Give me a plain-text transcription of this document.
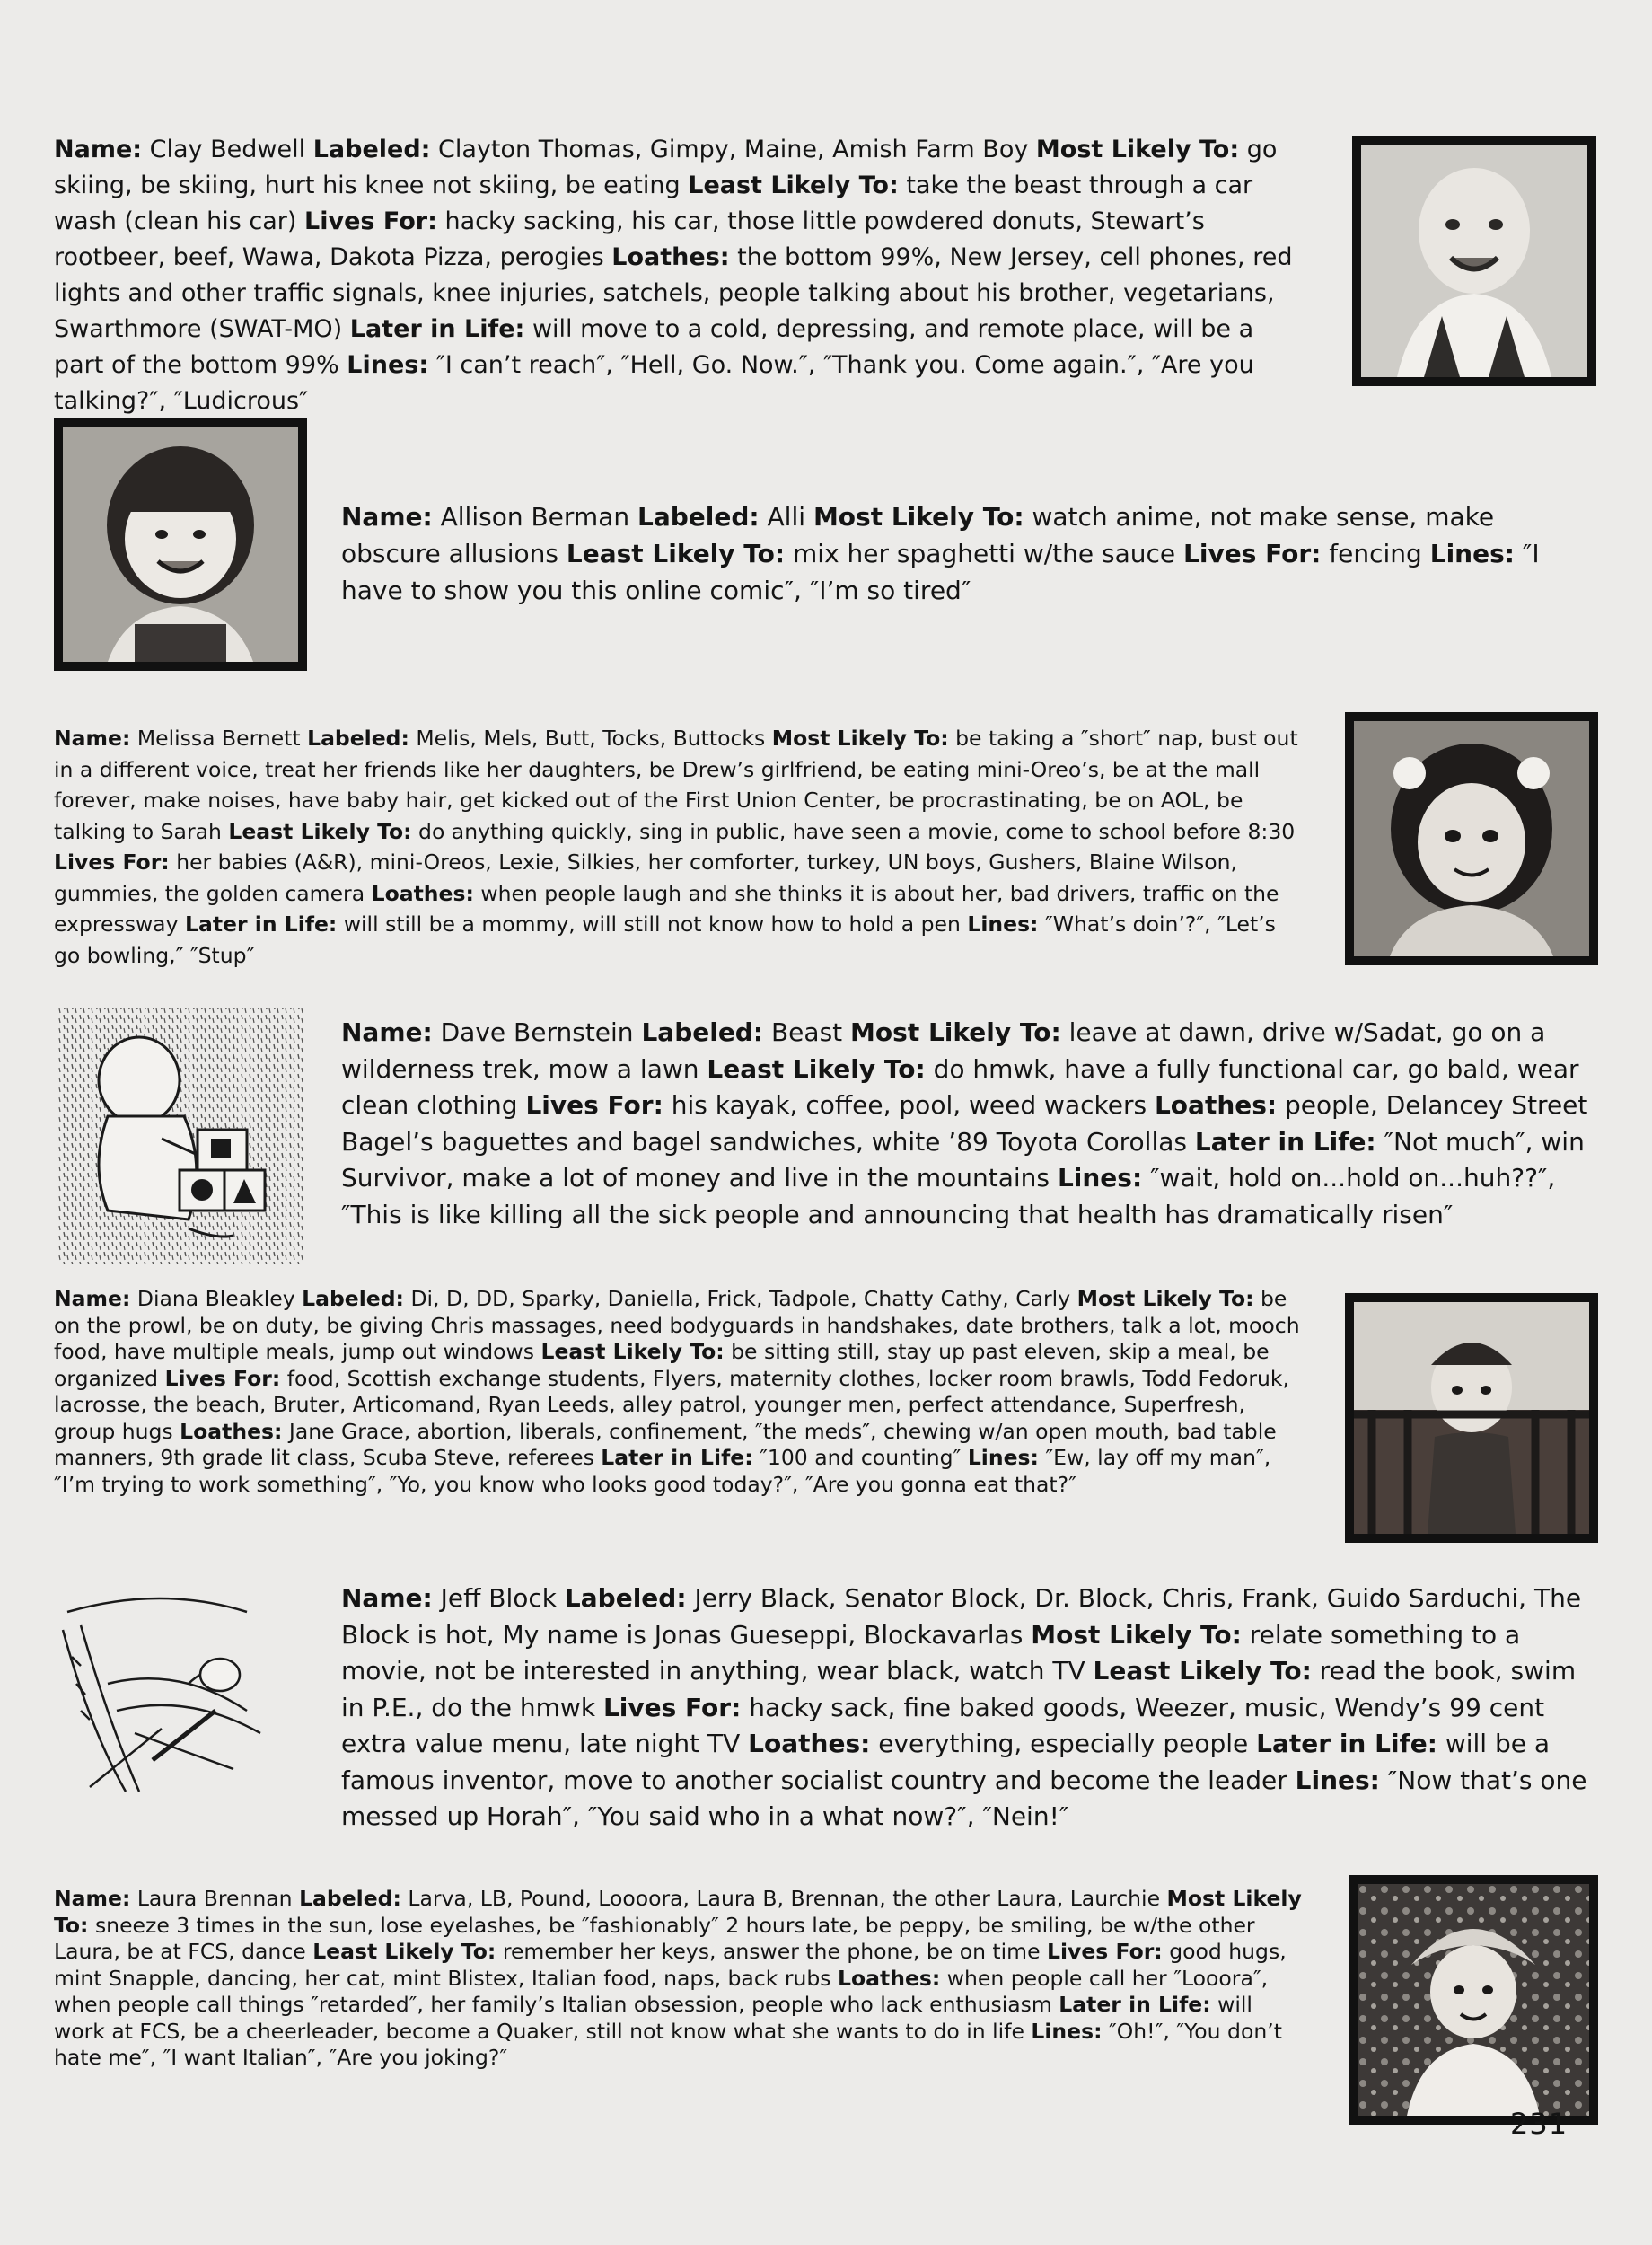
Name: Clay Bedwell Labeled: Clayton Thomas, Gimpy, Maine, Amish Farm Boy Most Likely To: go skiing, be skiing, hurt his knee not skiing, be eating Least Likely To: take the beast through a car wash (clean his car) Lives For: hacky sacking, his car, those little powdered donuts, Stewart’s rootbeer, beef, Wawa, Dakota Pizza, perogies Loathes: the bottom 99%, New Jersey, cell phones, red lights and other traffic signals, knee injuries, satchels, people talking about his brother, vegetarians, Swarthmore (SWAT-MO) Later in Life: will move to a cold, depressing, and remote place, will be a part of the bottom 99% Lines: ″I can’t reach″, ″Hell, Go. Now.″, ″Thank you. Come again.″, ″Are you talking?″, ″Ludicrous″

Name: Allison Berman Labeled: Alli Most Likely To: watch anime, not make sense, make obscure allusions Least Likely To: mix her spaghetti w/the sauce Lives For: fencing Lines: ″I have to show you this online comic″, ″I’m so tired″

Name: Melissa Bernett Labeled: Melis, Mels, Butt, Tocks, Buttocks Most Likely To: be taking a ″short″ nap, bust out in a different voice, treat her friends like her daughters, be Drew’s girlfriend, be eating mini-Oreo’s, be at the mall forever, make noises, have baby hair, get kicked out of the First Union Center, be procrastinating, be on AOL, be talking to Sarah Least Likely To: do anything quickly, sing in public, have seen a movie, come to school before 8:30 Lives For: her babies (A&R), mini-Oreos, Lexie, Silkies, her comforter, turkey, UN boys, Gushers, Blaine Wilson, gummies, the golden camera Loathes: when people laugh and she thinks it is about her, bad drivers, traffic on the expressway Later in Life: will still be a mommy, will still not know how to hold a pen Lines: ″What’s doin’?″, ″Let’s go bowling,″ ″Stup″

Name: Dave Bernstein Labeled: Beast Most Likely To: leave at dawn, drive w/Sadat, go on a wilderness trek, mow a lawn Least Likely To: do hmwk, have a fully functional car, go bald, wear clean clothing Lives For: his kayak, coffee, pool, weed wackers Loathes: people, Delancey Street Bagel’s baguettes and bagel sandwiches, white ’89 Toyota Corollas Later in Life: ″Not much″, win Survivor, make a lot of money and live in the mountains Lines: ″wait, hold on...hold on...huh??″, ″This is like killing all the sick people and announcing that health has dramatically risen″

Name: Diana Bleakley Labeled: Di, D, DD, Sparky, Daniella, Frick, Tadpole, Chatty Cathy, Carly Most Likely To: be on the prowl, be on duty, be giving Chris massages, need bodyguards in handshakes, date brothers, talk a lot, mooch food, have multiple meals, jump out windows Least Likely To: be sitting still, stay up past eleven, skip a meal, be organized Lives For: food, Scottish exchange students, Flyers, maternity clothes, locker room brawls, Todd Fedoruk, lacrosse, the beach, Bruter, Articomand, Ryan Leeds, alley patrol, younger men, perfect attendance, Superfresh, group hugs Loathes: Jane Grace, abortion, liberals, confinement, ″the meds″, chewing w/an open mouth, bad table manners, 9th grade lit class, Scuba Steve, referees Later in Life: ″100 and counting″ Lines: ″Ew, lay off my man″, ″I’m trying to work something″, ″Yo, you know who looks good today?″, ″Are you gonna eat that?″

Name: Jeff Block Labeled: Jerry Black, Senator Block, Dr. Block, Chris, Frank, Guido Sarduchi, The Block is hot, My name is Jonas Gueseppi, Blockavarlas Most Likely To: relate something to a movie, not be interested in anything, wear black, watch TV Least Likely To: read the book, swim in P.E., do the hmwk Lives For: hacky sack, fine baked goods, Weezer, music, Wendy’s 99 cent extra value menu, late night TV Loathes: everything, especially people Later in Life: will be a famous inventor, move to another socialist country and become the leader Lines: ″Now that’s one messed up Horah″, ″You said who in a what now?″, ″Nein!″

Name: Laura Brennan Labeled: Larva, LB, Pound, Loooora, Laura B, Brennan, the other Laura, Laurchie Most Likely To: sneeze 3 times in the sun, lose eyelashes, be ″fashionably″ 2 hours late, be peppy, be smiling, be w/the other Laura, be at FCS, dance Least Likely To: remember her keys, answer the phone, be on time Lives For: good hugs, mint Snapple, dancing, her cat, mint Blistex, Italian food, naps, back rubs Loathes: when people call her ″Looora″, when people call things ″retarded″, her family’s Italian obsession, people who lack enthusiasm Later in Life: will work at FCS, be a cheerleader, become a Quaker, still not know what she wants to do in life Lines: ″Oh!″, ″You don’t hate me″, ″I want Italian″, ″Are you joking?″

231
